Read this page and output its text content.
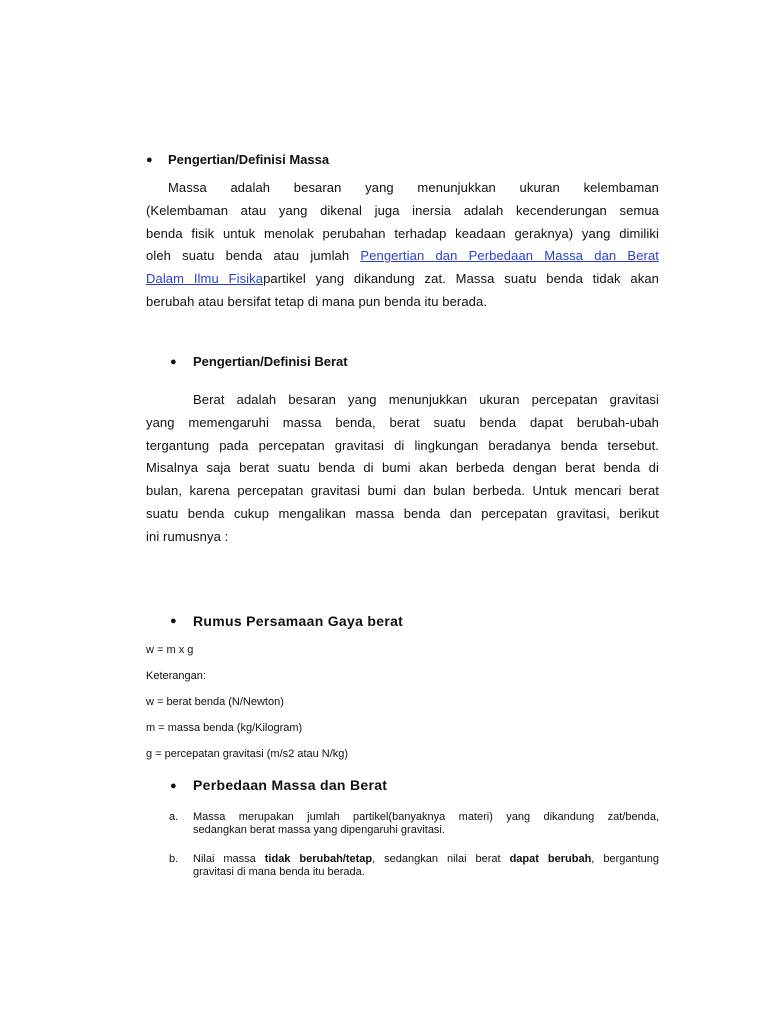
● Pengertian/Definisi Massa
Massa adalah besaran yang menunjukkan ukuran kelembaman
(Kelembaman atau yang dikenal juga inersia adalah kecenderungan semua
benda fisik untuk menolak perubahan terhadap keadaan geraknya) yang dimiliki
oleh suatu benda atau jumlah Pengertian dan Perbedaan Massa dan Berat
Dalam Ilmu Fisikapartikel yang dikandung zat. Massa suatu benda tidak akan
berubah atau bersifat tetap di mana pun benda itu berada.
● Pengertian/Definisi Berat
Berat adalah besaran yang menunjukkan ukuran percepatan gravitasi
yang memengaruhi massa benda, berat suatu benda dapat berubah-ubah
tergantung pada percepatan gravitasi di lingkungan beradanya benda tersebut.
Misalnya saja berat suatu benda di bumi akan berbeda dengan berat benda di
bulan, karena percepatan gravitasi bumi dan bulan berbeda. Untuk mencari berat
suatu benda cukup mengalikan massa benda dan percepatan gravitasi, berikut
ini rumusnya :
● Rumus Persamaan Gaya berat
w = m x g
Keterangan:
w = berat benda (N/Newton)
m = massa benda (kg/Kilogram)
g = percepatan gravitasi (m/s2 atau N/kg)
● Perbedaan Massa dan Berat
a. Massa merupakan jumlah partikel(banyaknya materi) yang dikandung zat/benda,
sedangkan berat massa yang dipengaruhi gravitasi.
b. Nilai massa tidak berubah/tetap, sedangkan nilai berat dapat berubah, bergantung
gravitasi di mana benda itu berada.
